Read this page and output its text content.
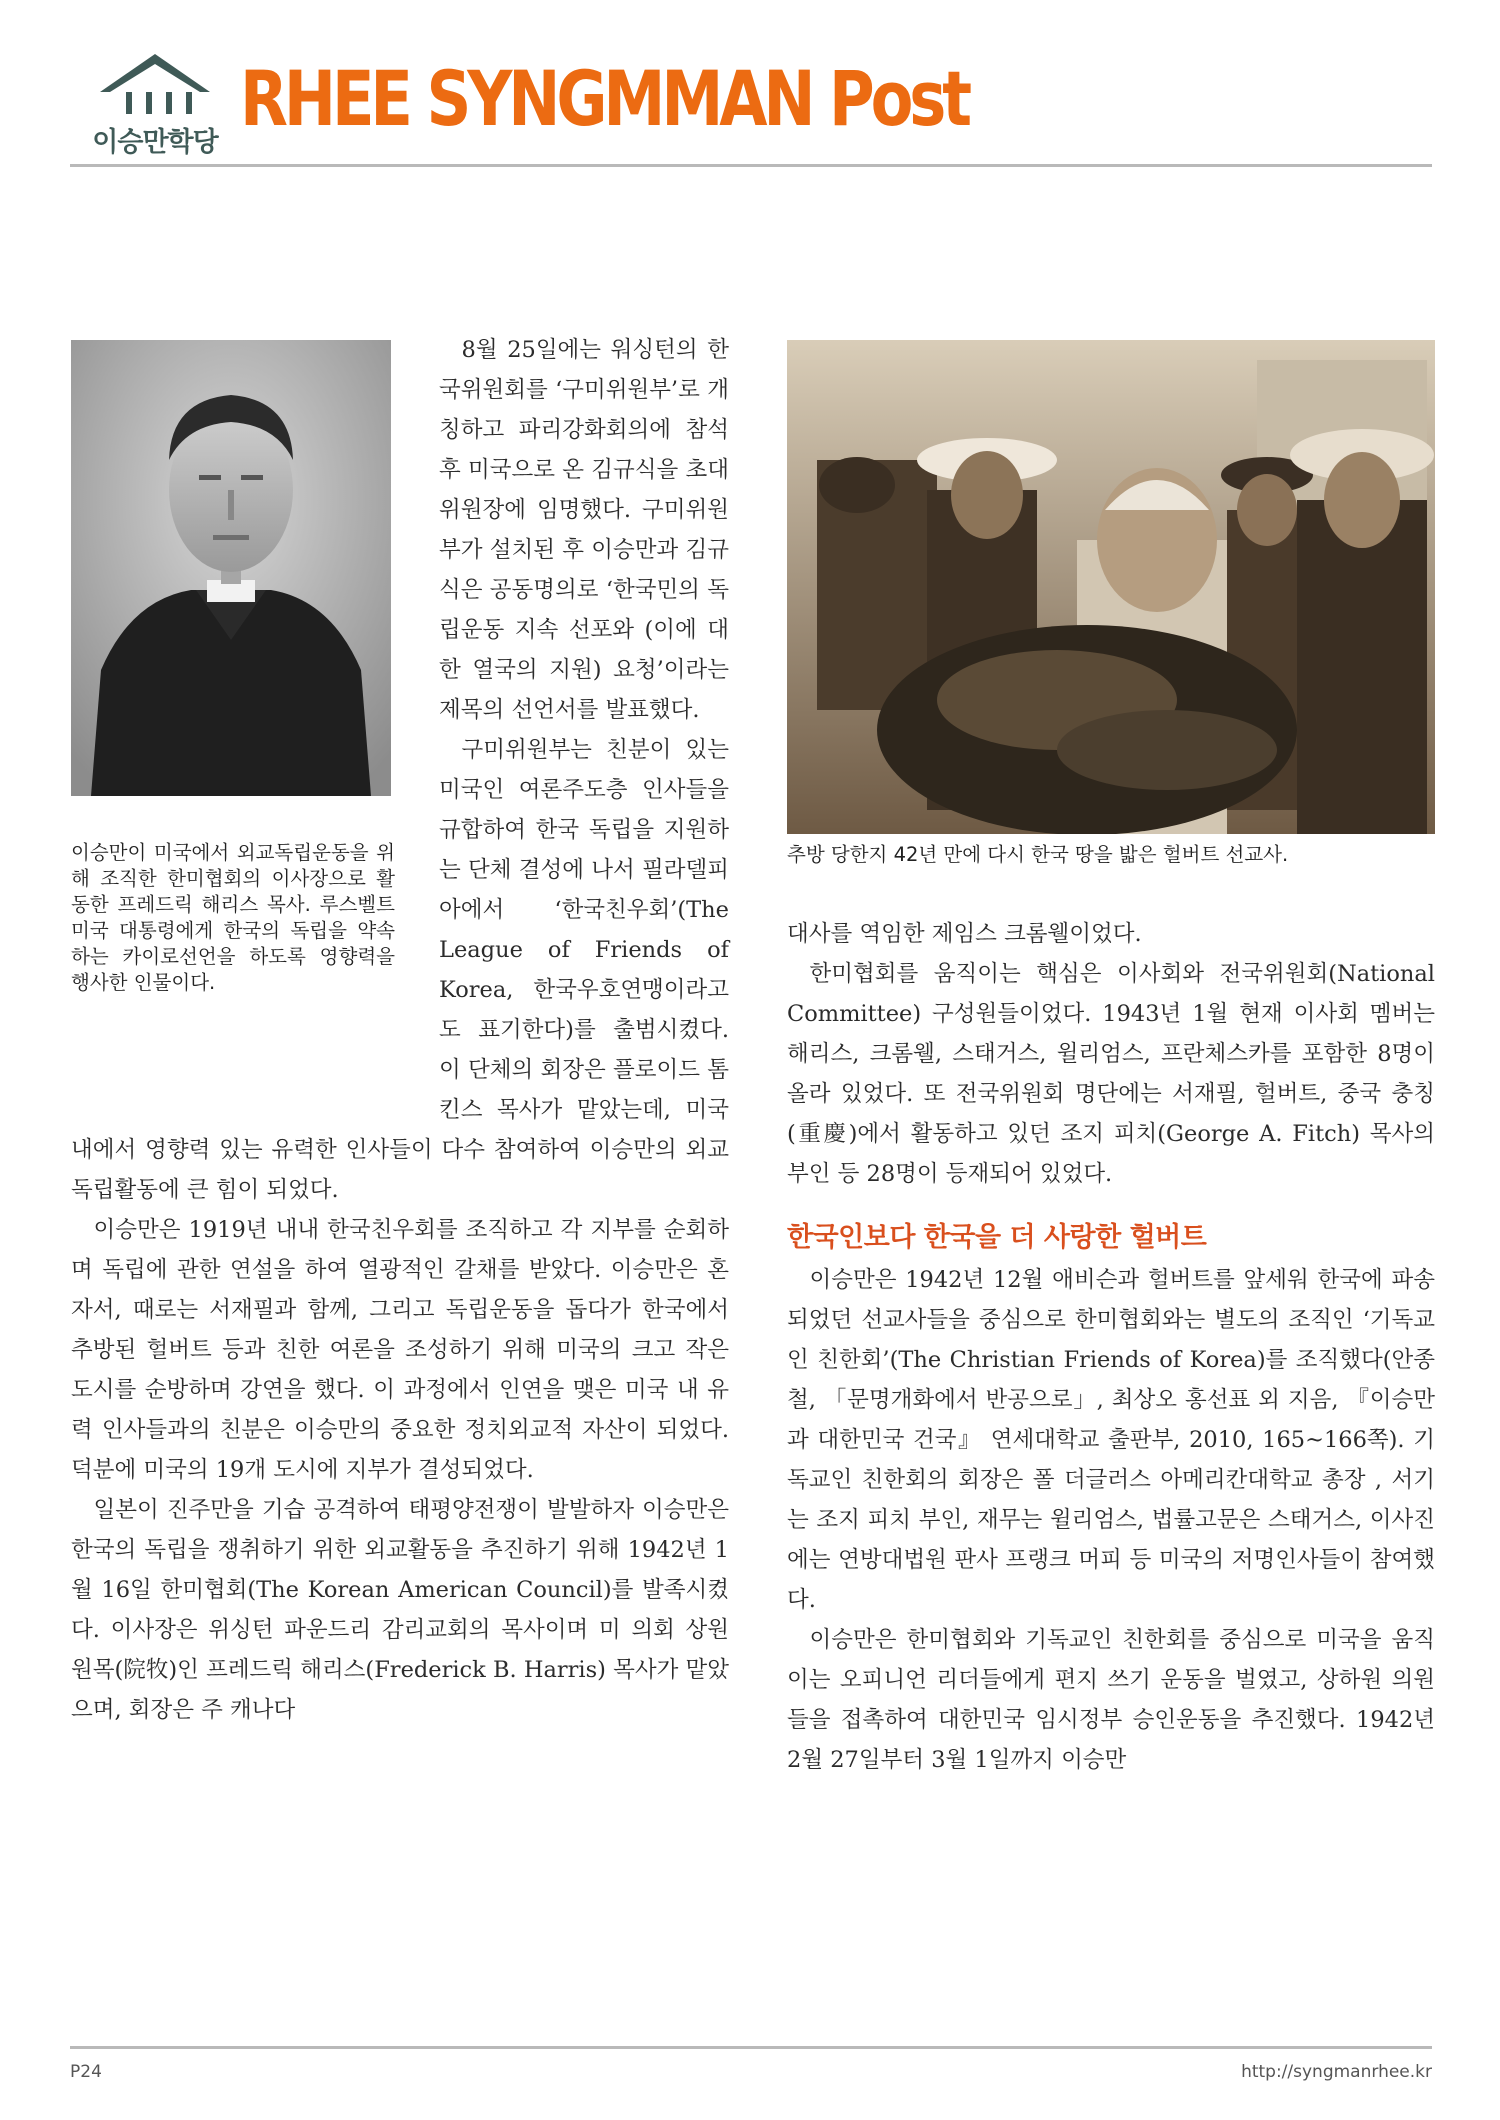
이승만학당 RHEE SYNGMMAN Post
이승만이 미국에서 외교독립운동을 위해 조직한 한미협회의 이사장으로 활동한 프레드릭 해리스 목사. 루스벨트 미국 대통령에게 한국의 독립을 약속하는 카이로선언을 하도록 영향력을 행사한 인물이다.
추방 당한지 42년 만에 다시 한국 땅을 밟은 헐버트 선교사.

8월 25일에는 워싱턴의 한국위원회를 ‘구미위원부’로 개칭하고 파리강화회의에 참석 후 미국으로 온 김규식을 초대 위원장에 임명했다. 구미위원부가 설치된 후 이승만과 김규식은 공동명의로 ‘한국민의 독립운동 지속 선포와 (이에 대한 열국의 지원) 요청’이라는 제목의 선언서를 발표했다.

구미위원부는 친분이 있는 미국인 여론주도층 인사들을 규합하여 한국 독립을 지원하는 단체 결성에 나서 필라델피아에서 ‘한국친우회’(The League of Friends of Korea, 한국우호연맹이라고도 표기한다)를 출범시켰다. 이 단체의 회장은 플로이드 톰킨스 목사가 맡았는데, 미국 내에서 영향력 있는 유력한 인사들이 다수 참여하여 이승만의 외교독립활동에 큰 힘이 되었다.

이승만은 1919년 내내 한국친우회를 조직하고 각 지부를 순회하며 독립에 관한 연설을 하여 열광적인 갈채를 받았다. 이승만은 혼자서, 때로는 서재필과 함께, 그리고 독립운동을 돕다가 한국에서 추방된 헐버트 등과 친한 여론을 조성하기 위해 미국의 크고 작은 도시를 순방하며 강연을 했다. 이 과정에서 인연을 맺은 미국 내 유력 인사들과의 친분은 이승만의 중요한 정치외교적 자산이 되었다. 덕분에 미국의 19개 도시에 지부가 결성되었다.

일본이 진주만을 기습 공격하여 태평양전쟁이 발발하자 이승만은 한국의 독립을 쟁취하기 위한 외교활동을 추진하기 위해 1942년 1월 16일 한미협회(The Korean American Council)를 발족시켰다. 이사장은 위싱턴 파운드리 감리교회의 목사이며 미 의회 상원 원목(院牧)인 프레드릭 해리스(Frederick B. Harris) 목사가 맡았으며, 회장은 주 캐나다

대사를 역임한 제임스 크롬웰이었다.

한미협회를 움직이는 핵심은 이사회와 전국위원회(National Committee) 구성원들이었다. 1943년 1월 현재 이사회 멤버는 해리스, 크롬웰, 스태거스, 윌리엄스, 프란체스카를 포함한 8명이 올라 있었다. 또 전국위원회 명단에는 서재필, 헐버트, 중국 충칭(重慶)에서 활동하고 있던 조지 피치(George A. Fitch) 목사의 부인 등 28명이 등재되어 있었다.

한국인보다 한국을 더 사랑한 헐버트

이승만은 1942년 12월 애비슨과 헐버트를 앞세워 한국에 파송되었던 선교사들을 중심으로 한미협회와는 별도의 조직인 ‘기독교인 친한회’(The Christian Friends of Korea)를 조직했다(안종철, 「문명개화에서 반공으로」, 최상오 홍선표 외 지음, 『이승만과 대한민국 건국』 연세대학교 출판부, 2010, 165~166쪽). 기독교인 친한회의 회장은 폴 더글러스 아메리칸대학교 총장 , 서기는 조지 피치 부인, 재무는 윌리엄스, 법률고문은 스태거스, 이사진에는 연방대법원 판사 프랭크 머피 등 미국의 저명인사들이 참여했다.

이승만은 한미협회와 기독교인 친한회를 중심으로 미국을 움직이는 오피니언 리더들에게 편지 쓰기 운동을 벌였고, 상하원 의원들을 접촉하여 대한민국 임시정부 승인운동을 추진했다. 1942년 2월 27일부터 3월 1일까지 이승만

P24	http://syngmanrhee.kr
